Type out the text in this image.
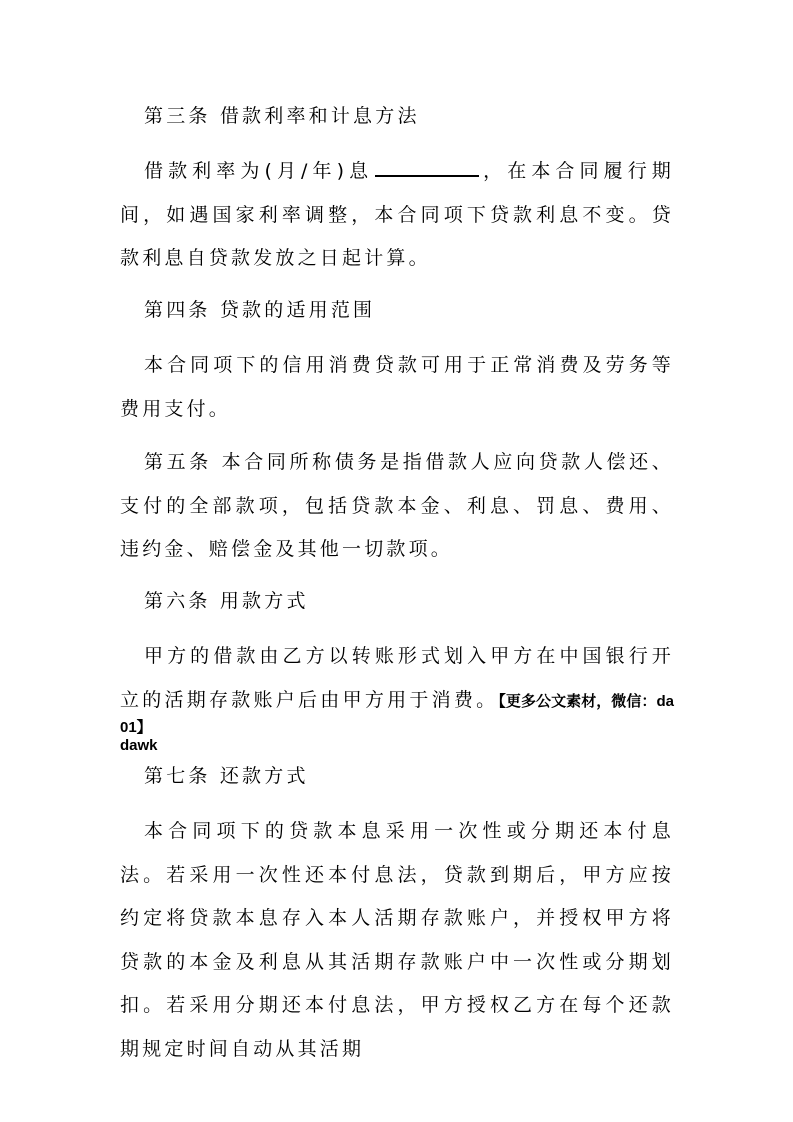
第三条 借款利率和计息方法
借款利率为(月/年)息	，在本合同履行期间，如遇国家利率调整，本合同项下贷款利息不变。贷款利息自贷款发放之日起计算。
第四条 贷款的适用范围
本合同项下的信用消费贷款可用于正常消费及劳务等费用支付。
第五条 本合同所称债务是指借款人应向贷款人偿还、支付的全部款项，包括贷款本金、利息、罚息、费用、违约金、赔偿金及其他一切款项。
第六条 用款方式
甲方的借款由乙方以转账形式划入甲方在中国银行开立的活期存款账户后由甲方用于消费。【更多公文素材，微信：dadawk
01】
第七条 还款方式
本合同项下的贷款本息采用一次性或分期还本付息法。若采用一次性还本付息法，贷款到期后，甲方应按约定将贷款本息存入本人活期存款账户，并授权甲方将贷款的本金及利息从其活期存款账户中一次性或分期划扣。若采用分期还本付息法，甲方授权乙方在每个还款期规定时间自动从其活期
